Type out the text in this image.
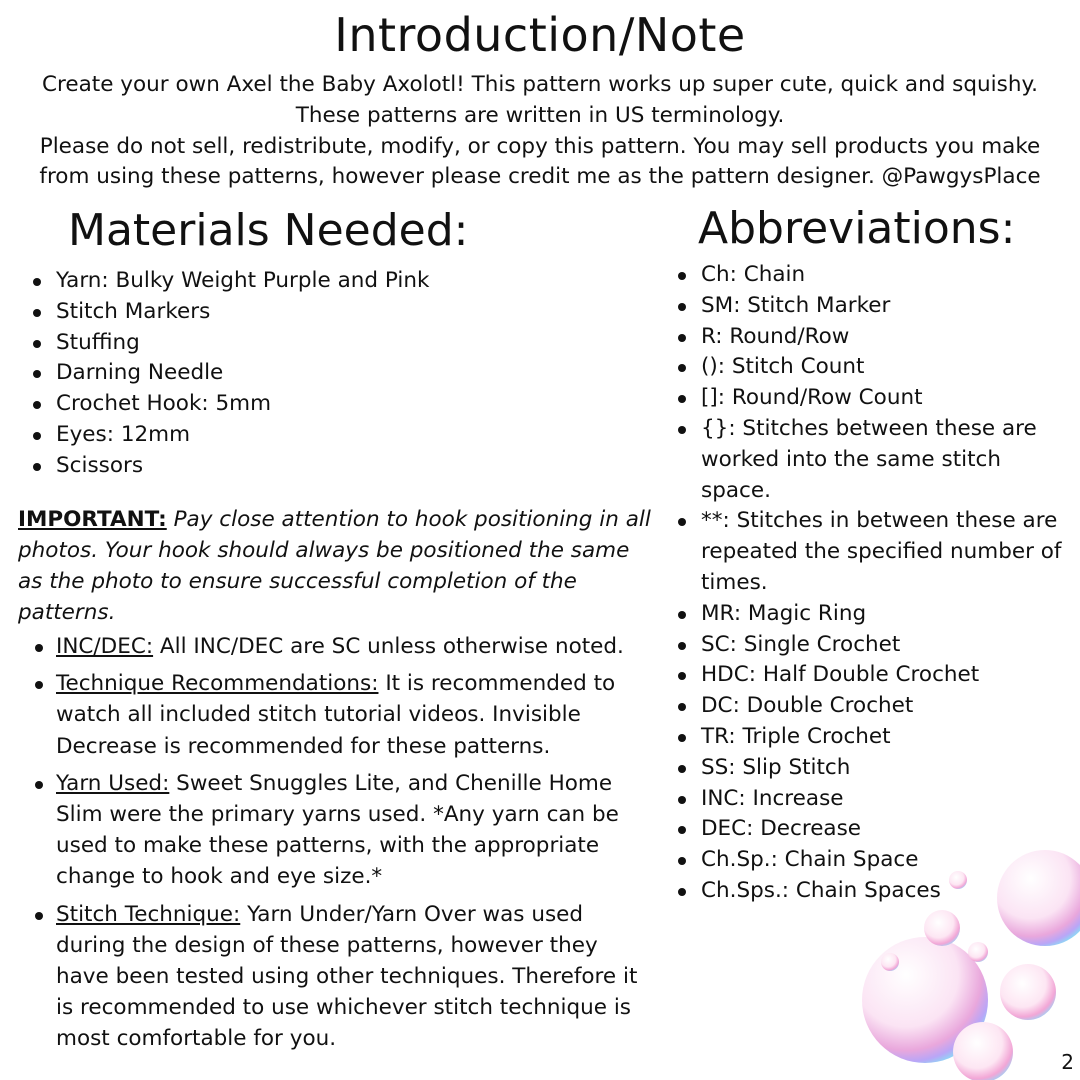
Introduction/Note
Create your own Axel the Baby Axolotl! This pattern works up super cute, quick and squishy.
These patterns are written in US terminology.
Please do not sell, redistribute, modify, or copy this pattern. You may sell products you make
from using these patterns, however please credit me as the pattern designer. @PawgysPlace
Materials Needed:
Yarn: Bulky Weight Purple and Pink
Stitch Markers
Stuffing
Darning Needle
Crochet Hook: 5mm
Eyes: 12mm
Scissors
IMPORTANT: Pay close attention to hook positioning in all photos. Your hook should always be positioned the same as the photo to ensure successful completion of the patterns.
INC/DEC: All INC/DEC are SC unless otherwise noted.
Technique Recommendations: It is recommended to watch all included stitch tutorial videos. Invisible Decrease is recommended for these patterns.
Yarn Used: Sweet Snuggles Lite, and Chenille Home Slim were the primary yarns used. *Any yarn can be used to make these patterns, with the appropriate change to hook and eye size.*
Stitch Technique: Yarn Under/Yarn Over was used during the design of these patterns, however they have been tested using other techniques. Therefore it is recommended to use whichever stitch technique is most comfortable for you.
Abbreviations:
Ch: Chain
SM: Stitch Marker
R: Round/Row
(): Stitch Count
[]: Round/Row Count
{}: Stitches between these are worked into the same stitch space.
**: Stitches in between these are repeated the specified number of times.
MR: Magic Ring
SC: Single Crochet
HDC: Half Double Crochet
DC: Double Crochet
TR: Triple Crochet
SS: Slip Stitch
INC: Increase
DEC: Decrease
Ch.Sp.: Chain Space
Ch.Sps.: Chain Spaces
2
